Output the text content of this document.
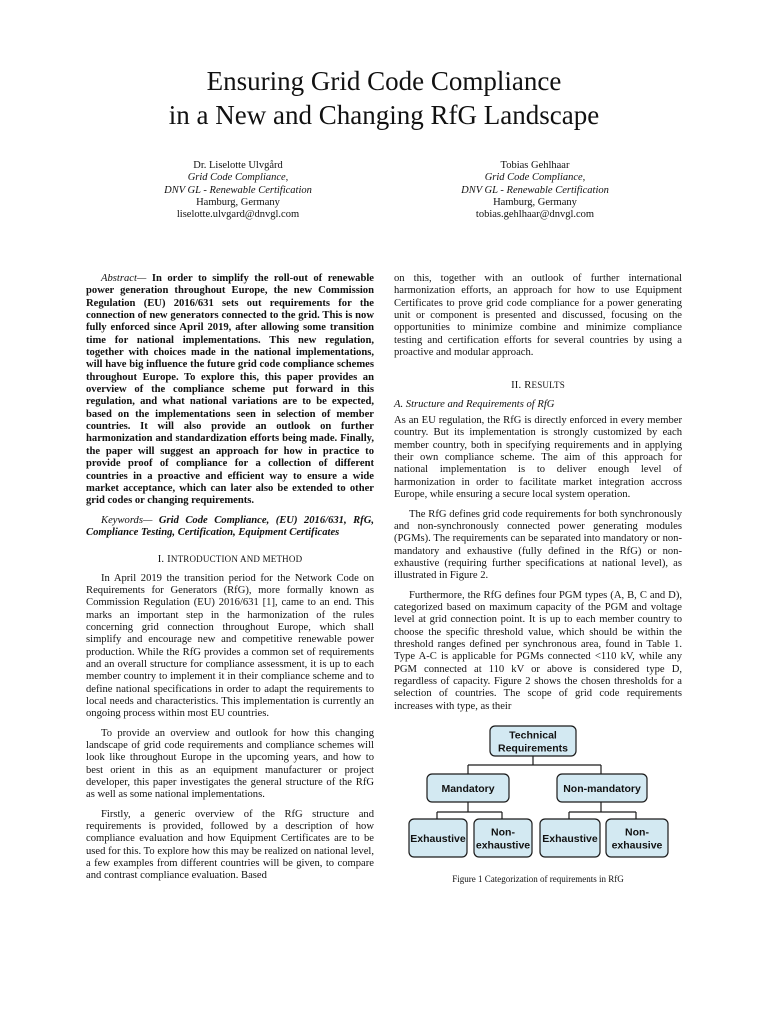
Ensuring Grid Code Compliance
in a New and Changing RfG Landscape
Dr. Liselotte Ulvgård
Grid Code Compliance,
DNV GL - Renewable Certification
Hamburg, Germany
liselotte.ulvgard@dnvgl.com
Tobias Gehlhaar
Grid Code Compliance,
DNV GL - Renewable Certification
Hamburg, Germany
tobias.gehlhaar@dnvgl.com

Abstract— In order to simplify the roll-out of renewable power generation throughout Europe, the new Commission Regulation (EU) 2016/631 sets out requirements for the connection of new generators connected to the grid. This is now fully enforced since April 2019, after allowing some transition time for national implementations. This new regulation, together with choices made in the national implementations, will have big influence the future grid code compliance schemes throughout Europe. To explore this, this paper provides an overview of the compliance scheme put forward in this regulation, and what national variations are to be expected, based on the implementations seen in selection of member countries. It will also provide an outlook on further harmonization and standardization efforts being made. Finally, the paper will suggest an approach for how in practice to provide proof of compliance for a collection of different countries in a proactive and efficient way to ensure a wide market acceptance, which can later also be extended to other grid codes or changing requirements.

Keywords— Grid Code Compliance, (EU) 2016/631, RfG, Compliance Testing, Certification, Equipment Certificates

I. INTRODUCTION AND METHOD

In April 2019 the transition period for the Network Code on Requirements for Generators (RfG), more formally known as Commission Regulation (EU) 2016/631 [1], came to an end. This marks an important step in the harmonization of the rules concerning grid connection throughout Europe, which shall simplify and encourage new and competitive renewable power production. While the RfG provides a common set of requirements and an overall structure for compliance assessment, it is up to each member country to implement it in their compliance scheme and to define national specifications in order to adapt the requirements to local needs and characteristics. This implementation is currently an ongoing process within most EU countries.

To provide an overview and outlook for how this changing landscape of grid code requirements and compliance schemes will look like throughout Europe in the upcoming years, and how to best orient in this as an equipment manufacturer or project developer, this paper investigates the general structure of the RfG as well as some national implementations.

Firstly, a generic overview of the RfG structure and requirements is provided, followed by a description of how compliance evaluation and how Equipment Certificates are to be used for this. To explore how this may be realized on national level, a few examples from different countries will be given, to compare and contrast compliance evaluation. Based

on this, together with an outlook of further international harmonization efforts, an approach for how to use Equipment Certificates to prove grid code compliance for a power generating unit or component is presented and discussed, focusing on the opportunities to minimize combine and minimize compliance testing and certification efforts for several countries by using a proactive and modular approach.

II. RESULTS

A. Structure and Requirements of RfG

As an EU regulation, the RfG is directly enforced in every member country. But its implementation is strongly customized by each member country, both in specifying requirements and in applying their own compliance scheme. The aim of this approach for national implementation is to deliver enough level of harmonization in order to facilitate market integration accross Europe, while ensuring a secure local system operation.

The RfG defines grid code requirements for both synchronously and non-synchronously connected power generating modules (PGMs). The requirements can be separated into mandatory or non-mandatory and exhaustive (fully defined in the RfG) or non-exhaustive (requiring further specifications at national level), as illustrated in Figure 2.

Furthermore, the RfG defines four PGM types (A, B, C and D), categorized based on maximum capacity of the PGM and voltage level at grid connection point. It is up to each member country to choose the specific threshold value, which should be within the threshold ranges defined per synchronous area, found in Table 1. Type A-C is applicable for PGMs connected <110 kV, while any PGM connected at 110 kV or above is considered type D, regardless of capacity. Figure 2 shows the chosen thresholds for a selection of countries. The scope of grid code requirements increases with type, as their

Technical
Requirements
Mandatory	Non-mandatory
Exhaustive
Non-
exhaustive
Exhaustive
Non-
exhausive
Figure 1 Categorization of requirements in RfG
